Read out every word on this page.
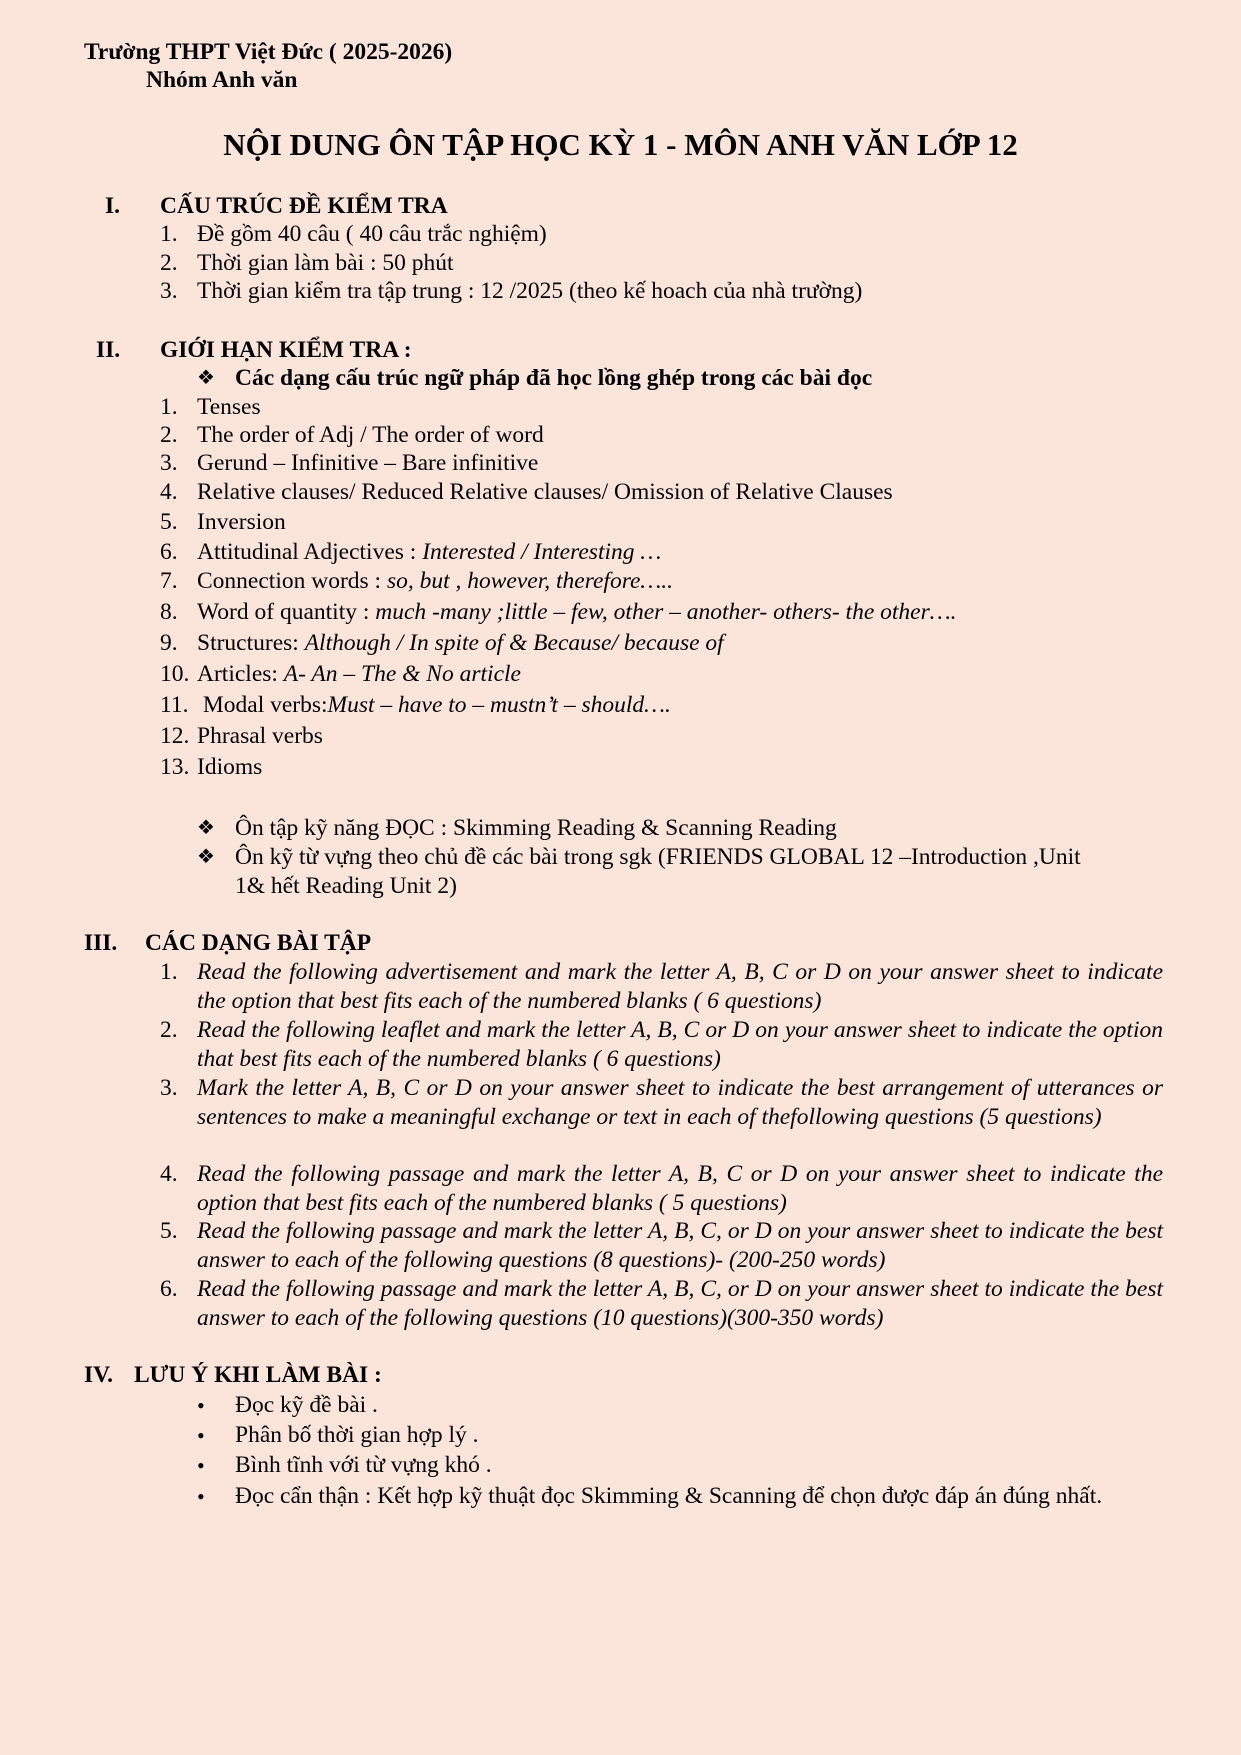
Trường THPT Việt Đức ( 2025-2026)
Nhóm Anh văn
NỘI DUNG ÔN TẬP HỌC KỲ 1 - MÔN ANH VĂN LỚP 12
I. CẤU TRÚC ĐỀ KIỂM TRA
1. Đề gồm 40 câu ( 40 câu trắc nghiệm)
2. Thời gian làm bài : 50 phút
3. Thời gian kiểm tra tập trung : 12 /2025 (theo kế hoach của nhà trường)
II. GIỚI HẠN KIỂM TRA :
❖ Các dạng cấu trúc ngữ pháp đã học lồng ghép trong các bài đọc
1. Tenses
2. The order of Adj / The order of word
3. Gerund – Infinitive – Bare infinitive
4. Relative clauses/ Reduced Relative clauses/ Omission of Relative Clauses
5. Inversion
6. Attitudinal Adjectives : Interested / Interesting …
7. Connection words : so, but , however, therefore…..
8. Word of quantity : much -many ;little – few, other – another- others- the other….
9. Structures: Although / In spite of & Because/ because of
10. Articles: A- An – The & No article
11. Modal verbs:Must – have to – mustn’t – should….
12. Phrasal verbs
13. Idioms
❖ Ôn tập kỹ năng ĐỌC : Skimming Reading & Scanning Reading
❖ Ôn kỹ từ vựng theo chủ đề các bài trong sgk (FRIENDS GLOBAL 12 –Introduction ,Unit
1& hết Reading Unit 2)
III. CÁC DẠNG BÀI TẬP
1. Read the following advertisement and mark the letter A, B, C or D on your answer sheet to indicate the option that best fits each of the numbered blanks ( 6 questions)
2. Read the following leaflet and mark the letter A, B, C or D on your answer sheet to indicate the option that best fits each of the numbered blanks ( 6 questions)
3. Mark the letter A, B, C or D on your answer sheet to indicate the best arrangement of utterances or sentences to make a meaningful exchange or text in each of thefollowing questions (5 questions)
4. Read the following passage and mark the letter A, B, C or D on your answer sheet to indicate the option that best fits each of the numbered blanks ( 5 questions)
5. Read the following passage and mark the letter A, B, C, or D on your answer sheet to indicate the best answer to each of the following questions (8 questions)- (200-250 words)
6. Read the following passage and mark the letter A, B, C, or D on your answer sheet to indicate the best answer to each of the following questions (10 questions)(300-350 words)
IV. LƯU Ý KHI LÀM BÀI :
• Đọc kỹ đề bài .
• Phân bố thời gian hợp lý .
• Bình tĩnh với từ vựng khó .
• Đọc cẩn thận : Kết hợp kỹ thuật đọc Skimming & Scanning để chọn được đáp án đúng nhất.
